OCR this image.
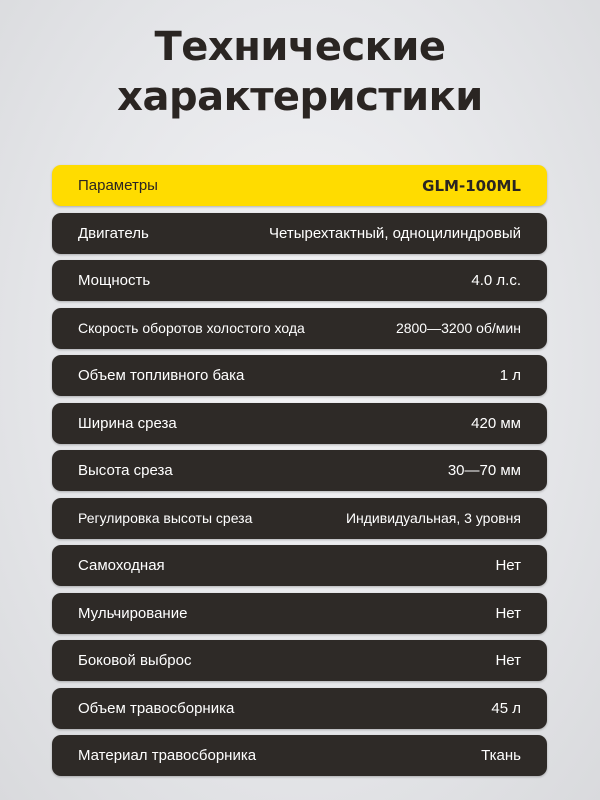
Технические
характеристики
Параметры	GLM-100ML
Двигатель	Четырехтактный, одноцилиндровый
Мощность	4.0 л.с.
Скорость оборотов холостого хода	2800—3200 об/мин
Объем топливного бака	1 л
Ширина среза	420 мм
Высота среза	30—70 мм
Регулировка высоты среза	Индивидуальная, 3 уровня
Самоходная	Нет
Мульчирование	Нет
Боковой выброс	Нет
Объем травосборника	45 л
Материал травосборника	Ткань
